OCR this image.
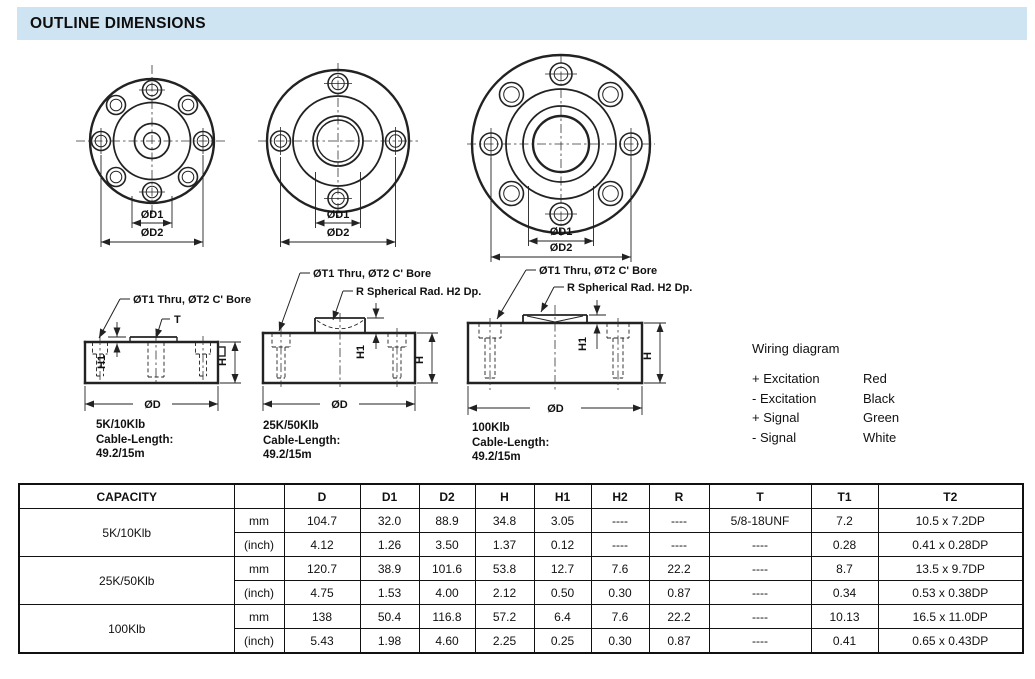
OUTLINE DIMENSIONS
ØD1
ØD2
ØD1
ØD2	ØD1
ØD2
ØT1 Thru, ØT2 C' Bore
T
H1	H
ØD
ØT1 Thru, ØT2 C' Bore
R Spherical Rad. H2 Dp.
H1
H
ØD
ØT1 Thru, ØT2 C' Bore
R Spherical Rad. H2 Dp.
H1
H
ØD
5K/10Klb
Cable-Length:
49.2/15m
25K/50Klb
Cable-Length:
49.2/15m
100Klb
Cable-Length:
49.2/15m
Wiring diagram
+ Excitation	Red
- Excitation	Black
+ Signal	Green
- Signal	White
CAPACITY		D	D1	D2	H	H1	H2	R	T	T1	T2
5K/10Klb	mm	104.7	32.0	88.9	34.8	3.05	----	----	5/8-18UNF	7.2	10.5 x 7.2DP
	(inch)	4.12	1.26	3.50	1.37	0.12	----	----	----	0.28	0.41 x 0.28DP
25K/50Klb	mm	120.7	38.9	101.6	53.8	12.7	7.6	22.2	----	8.7	13.5 x 9.7DP
	(inch)	4.75	1.53	4.00	2.12	0.50	0.30	0.87	----	0.34	0.53 x 0.38DP
100Klb	mm	138	50.4	116.8	57.2	6.4	7.6	22.2	----	10.13	16.5 x 11.0DP
	(inch)	5.43	1.98	4.60	2.25	0.25	0.30	0.87	----	0.41	0.65 x 0.43DP
